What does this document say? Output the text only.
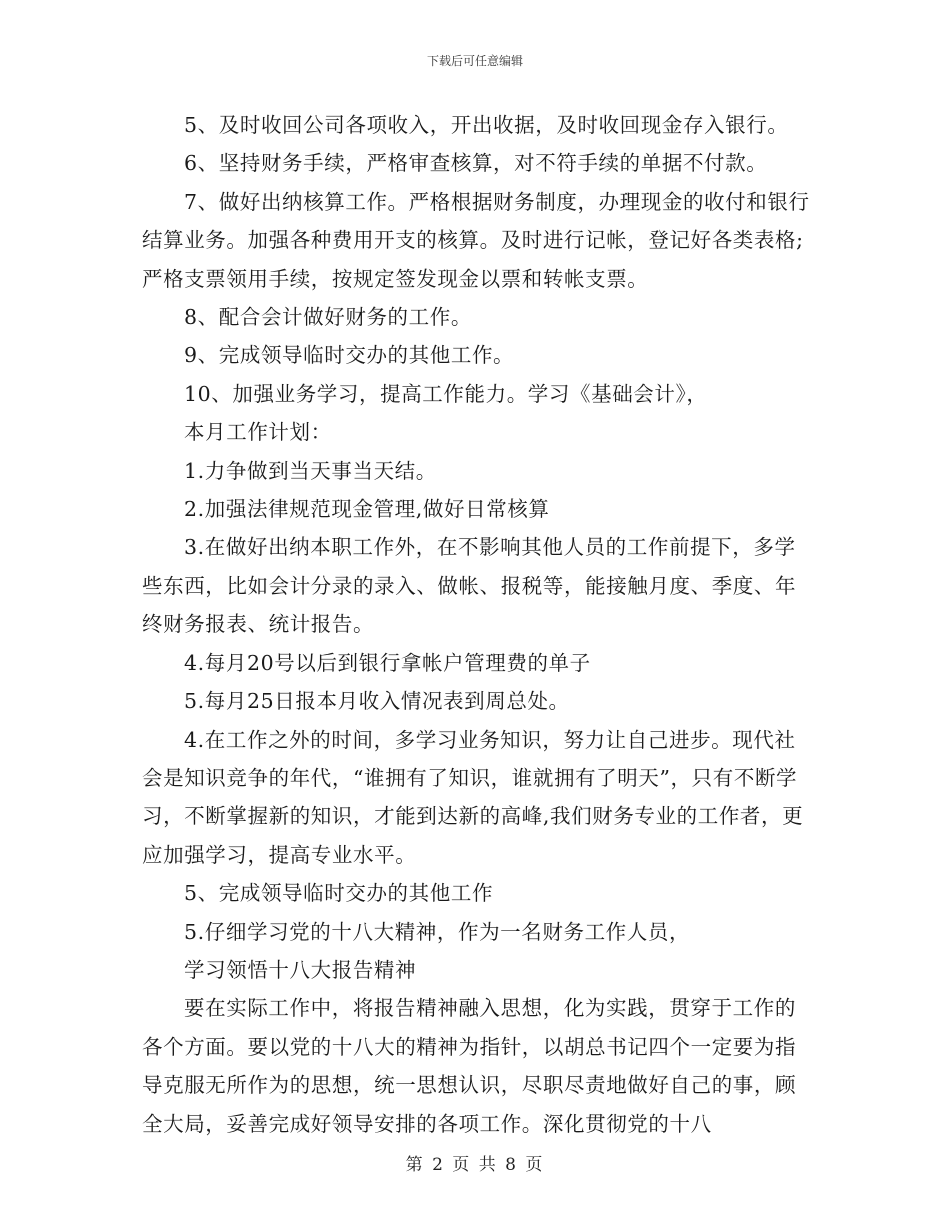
下载后可任意编辑

5、及时收回公司各项收入，开出收据，及时收回现金存入银行。

6、坚持财务手续，严格审查核算，对不符手续的单据不付款。

7、做好出纳核算工作。严格根据财务制度，办理现金的收付和银行结算业务。加强各种费用开支的核算。及时进行记帐，登记好各类表格;严格支票领用手续，按规定签发现金以票和转帐支票。

8、配合会计做好财务的工作。

9、完成领导临时交办的其他工作。

10、加强业务学习，提高工作能力。学习《基础会计》，

本月工作计划：

1.力争做到当天事当天结。

2.加强法律规范现金管理,做好日常核算

3.在做好出纳本职工作外，在不影响其他人员的工作前提下，多学些东西，比如会计分录的录入、做帐、报税等，能接触月度、季度、年终财务报表、统计报告。

4.每月20号以后到银行拿帐户管理费的单子

5.每月25日报本月收入情况表到周总处。

4.在工作之外的时间，多学习业务知识，努力让自己进步。现代社会是知识竞争的年代，“谁拥有了知识，谁就拥有了明天”，只有不断学习，不断掌握新的知识，才能到达新的高峰,我们财务专业的工作者，更应加强学习，提高专业水平。

5、完成领导临时交办的其他工作

5.仔细学习党的十八大精神，作为一名财务工作人员，

学习领悟十八大报告精神

要在实际工作中，将报告精神融入思想，化为实践，贯穿于工作的各个方面。要以党的十八大的精神为指针，以胡总书记四个一定要为指导克服无所作为的思想，统一思想认识，尽职尽责地做好自己的事，顾全大局，妥善完成好领导安排的各项工作。深化贯彻党的十八

第 2 页 共 8 页
